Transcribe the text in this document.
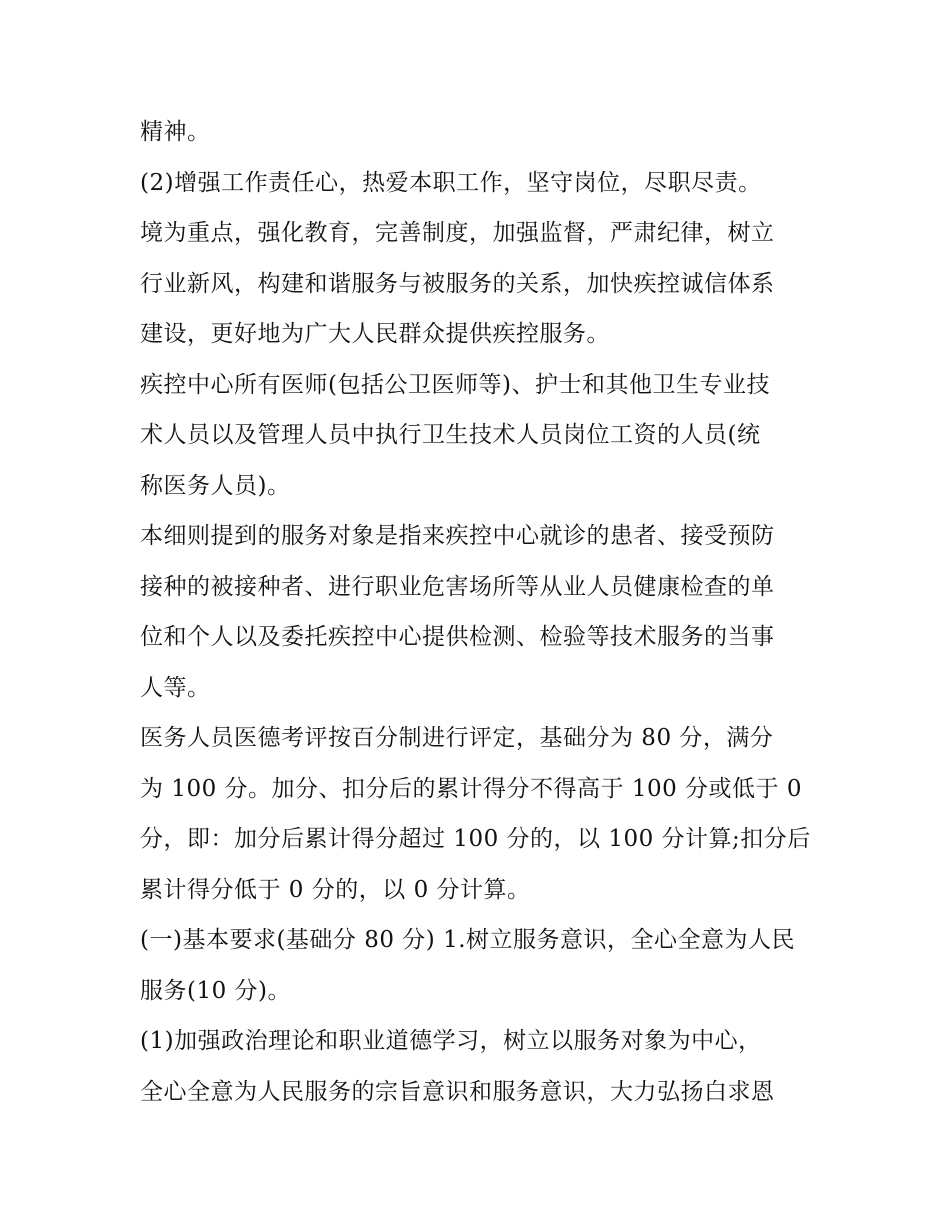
精神。
(2)增强工作责任心，热爱本职工作，坚守岗位，尽职尽责。
境为重点，强化教育，完善制度，加强监督，严肃纪律，树立
行业新风，构建和谐服务与被服务的关系，加快疾控诚信体系
建设，更好地为广大人民群众提供疾控服务。
疾控中心所有医师(包括公卫医师等)、护士和其他卫生专业技
术人员以及管理人员中执行卫生技术人员岗位工资的人员(统
称医务人员)。
本细则提到的服务对象是指来疾控中心就诊的患者、接受预防
接种的被接种者、进行职业危害场所等从业人员健康检查的单
位和个人以及委托疾控中心提供检测、检验等技术服务的当事
人等。
医务人员医德考评按百分制进行评定，基础分为 80 分，满分
为 100 分。加分、扣分后的累计得分不得高于 100 分或低于 0
分，即：加分后累计得分超过 100 分的，以 100 分计算;扣分后
累计得分低于 0 分的，以 0 分计算。
(一)基本要求(基础分 80 分) 1.树立服务意识，全心全意为人民
服务(10 分)。
(1)加强政治理论和职业道德学习，树立以服务对象为中心，
全心全意为人民服务的宗旨意识和服务意识，大力弘扬白求恩
